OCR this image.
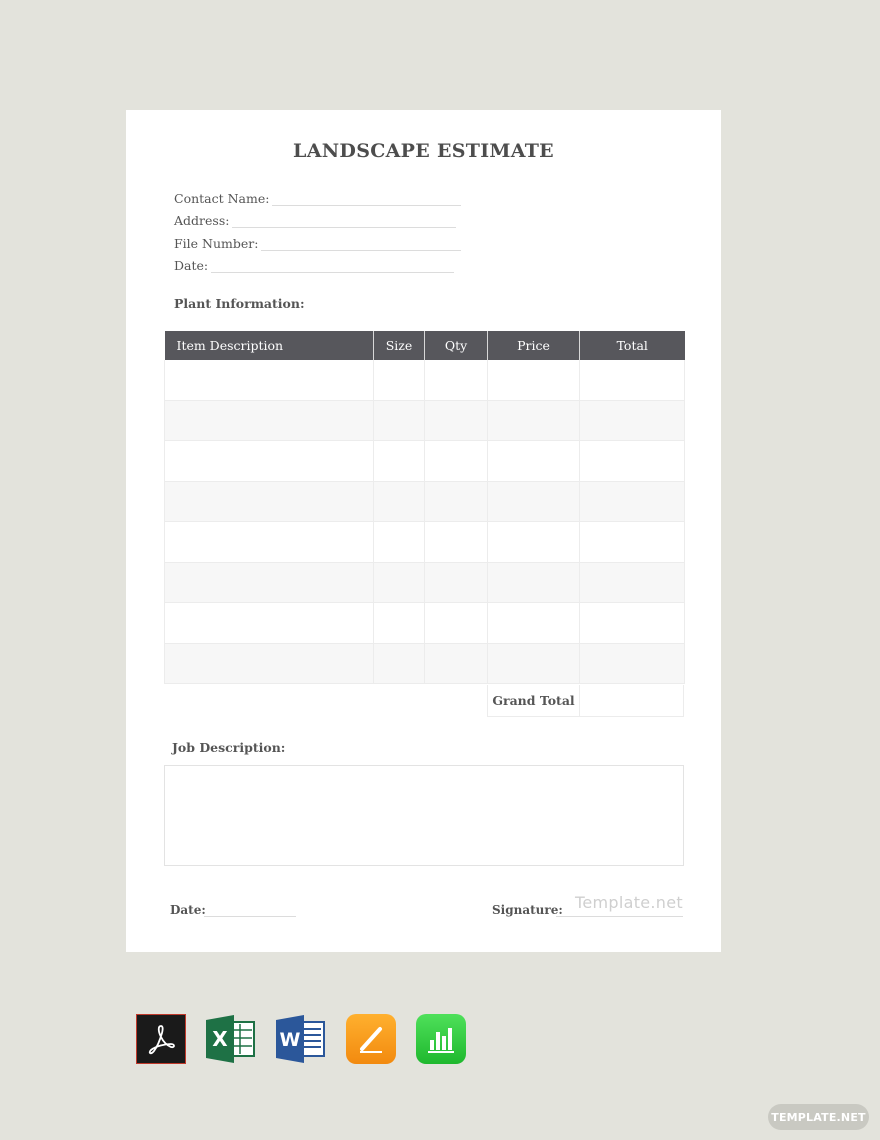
LANDSCAPE ESTIMATE
Contact Name:
Address:
File Number:
Date:
Plant Information:
Item Description	Size	Qty	Price	Total

Grand Total
Job Description:
Date:	Signature: Template.net
X	W
TEMPLATE.NET
